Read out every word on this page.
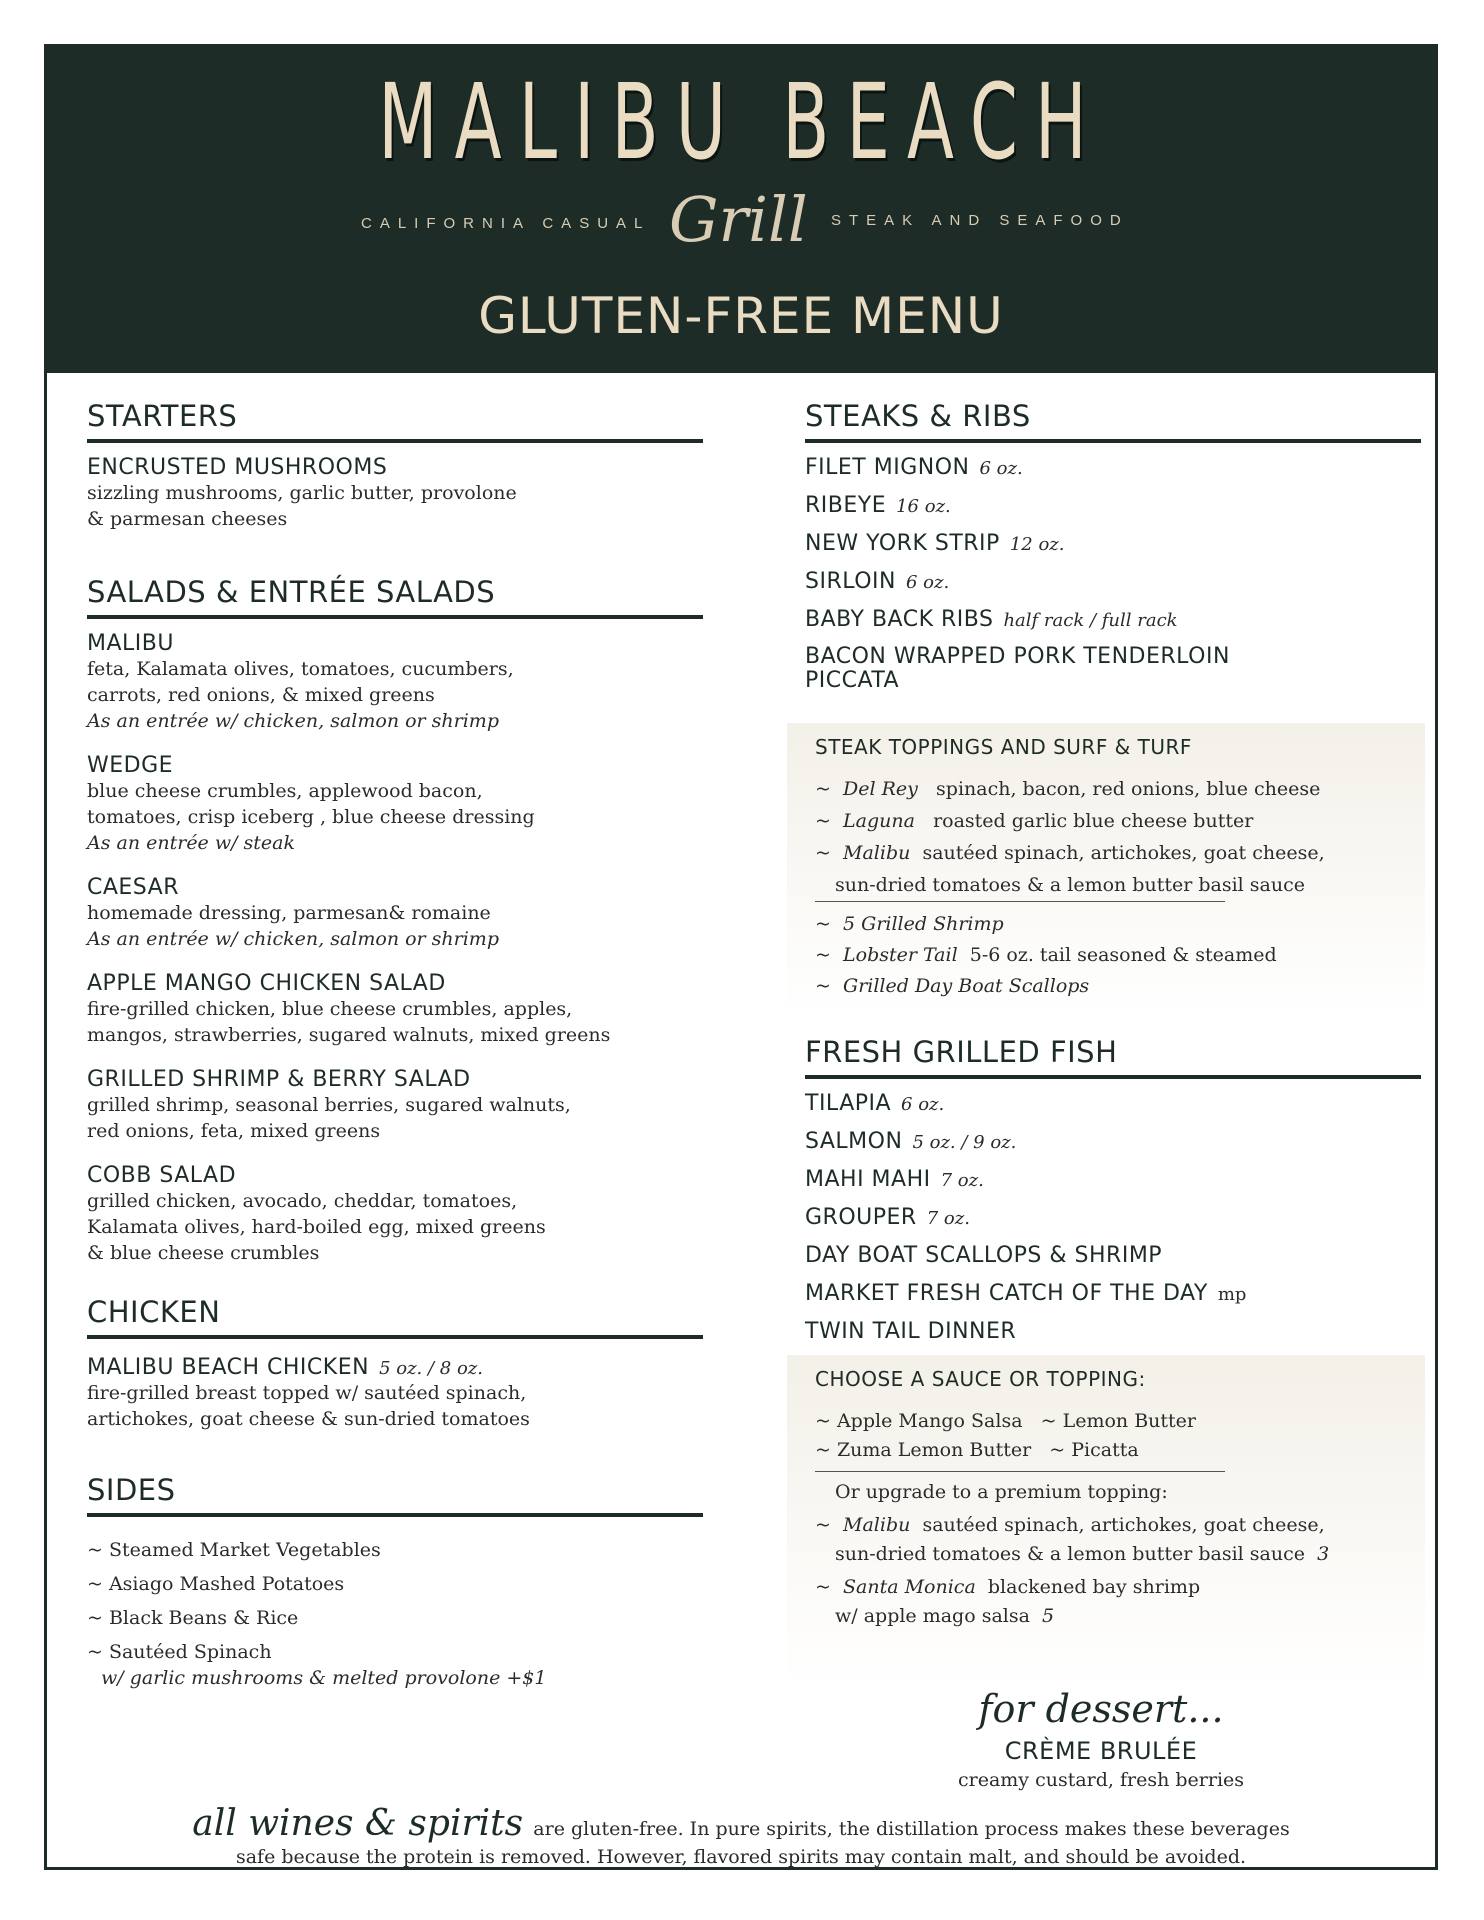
MALIBU BEACH
CALIFORNIA CASUAL Grill STEAK AND SEAFOOD
GLUTEN-FREE MENU
STARTERS
ENCRUSTED MUSHROOMS
sizzling mushrooms, garlic butter, provolone
& parmesan cheeses
SALADS & ENTRÉE SALADS
MALIBU
feta, Kalamata olives, tomatoes, cucumbers,
carrots, red onions, & mixed greens
As an entrée w/ chicken, salmon or shrimp
WEDGE
blue cheese crumbles, applewood bacon,
tomatoes, crisp iceberg , blue cheese dressing
As an entrée w/ steak
CAESAR
homemade dressing, parmesan& romaine
As an entrée w/ chicken, salmon or shrimp
APPLE MANGO CHICKEN SALAD
fire-grilled chicken, blue cheese crumbles, apples,
mangos, strawberries, sugared walnuts, mixed greens
GRILLED SHRIMP & BERRY SALAD
grilled shrimp, seasonal berries, sugared walnuts,
red onions, feta, mixed greens
COBB SALAD
grilled chicken, avocado, cheddar, tomatoes,
Kalamata olives, hard-boiled egg, mixed greens
& blue cheese crumbles
CHICKEN
MALIBU BEACH CHICKEN 5 oz. / 8 oz.
fire-grilled breast topped w/ sautéed spinach,
artichokes, goat cheese & sun-dried tomatoes
SIDES
~ Steamed Market Vegetables
~ Asiago Mashed Potatoes
~ Black Beans & Rice
~ Sautéed Spinach
w/ garlic mushrooms & melted provolone +$1
STEAKS & RIBS
FILET MIGNON 6 oz.
RIBEYE 16 oz.
NEW YORK STRIP 12 oz.
SIRLOIN 6 oz.
BABY BACK RIBS half rack / full rack
BACON WRAPPED PORK TENDERLOIN
PICCATA
STEAK TOPPINGS AND SURF & TURF
~ Del Rey spinach, bacon, red onions, blue cheese
~ Laguna roasted garlic blue cheese butter
~ Malibu sautéed spinach, artichokes, goat cheese,
sun-dried tomatoes & a lemon butter basil sauce
~ 5 Grilled Shrimp
~ Lobster Tail 5-6 oz. tail seasoned & steamed
~ Grilled Day Boat Scallops
FRESH GRILLED FISH
TILAPIA 6 oz.
SALMON 5 oz. / 9 oz.
MAHI MAHI 7 oz.
GROUPER 7 oz.
DAY BOAT SCALLOPS & SHRIMP
MARKET FRESH CATCH OF THE DAY mp
TWIN TAIL DINNER
CHOOSE A SAUCE OR TOPPING:
~ Apple Mango Salsa   ~ Lemon Butter
~ Zuma Lemon Butter   ~ Picatta
Or upgrade to a premium topping:
~ Malibu sautéed spinach, artichokes, goat cheese,
sun-dried tomatoes & a lemon butter basil sauce 3
~ Santa Monica blackened bay shrimp
w/ apple mago salsa 5
for dessert...
CRÈME BRULÉE
creamy custard, fresh berries
all wines & spirits are gluten-free. In pure spirits, the distillation process makes these beverages
safe because the protein is removed. However, flavored spirits may contain malt, and should be avoided.
